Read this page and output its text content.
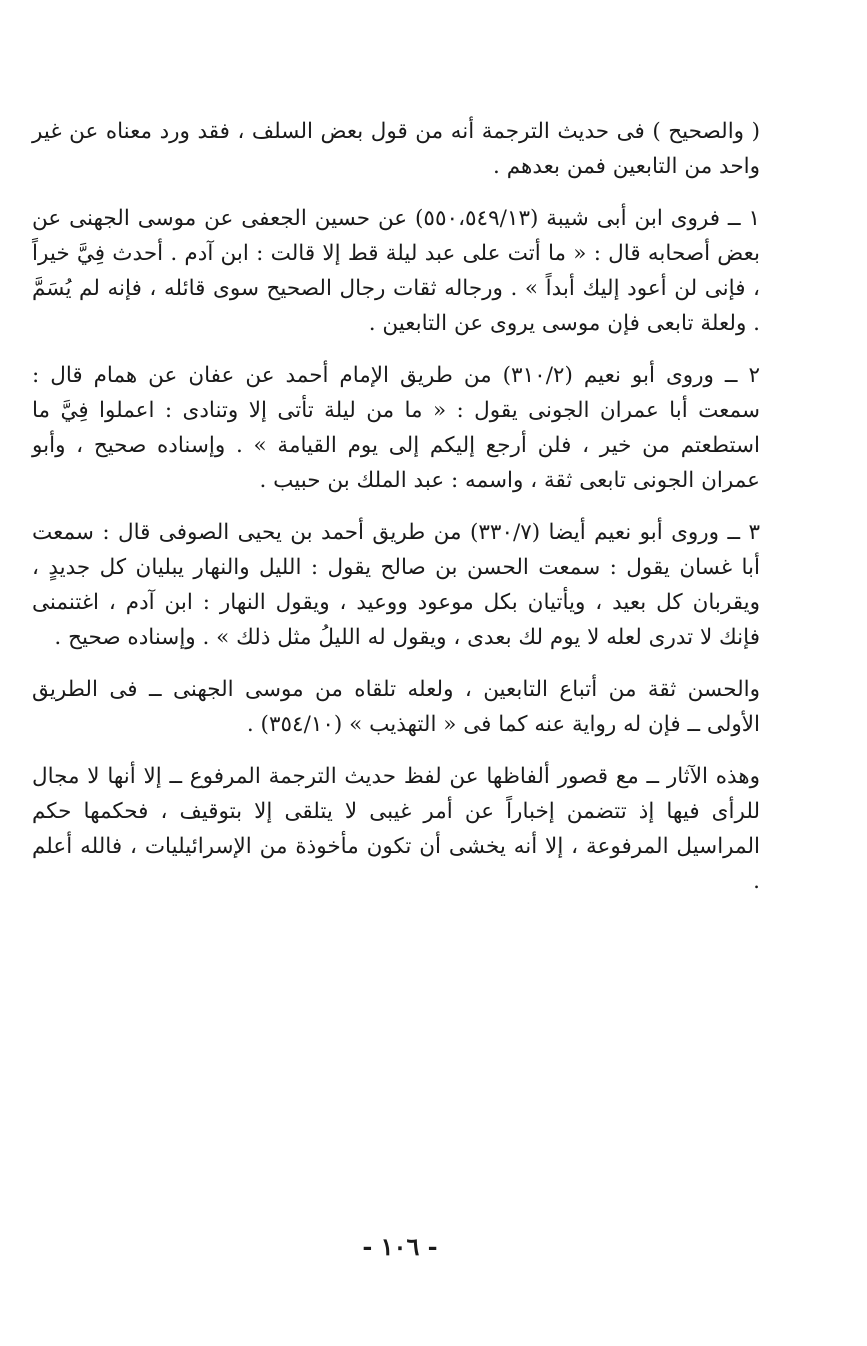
( والصحيح ) فى حديث الترجمة أنه من قول بعض السلف ، فقد ورد معناه عن غير واحد من التابعين فمن بعدهم .

١ ــ فروى ابن أبى شيبة (٥٥٠،٥٤٩/١٣) عن حسين الجعفى عن موسى الجهنى عن بعض أصحابه قال : « ما أتت على عبد ليلة قط إلا قالت : ابن آدم . أحدث فِيَّ خيراً ، فإنى لن أعود إليك أبداً » . ورجاله ثقات رجال الصحيح سوى قائله ، فإنه لم يُسَمَّ . ولعلة تابعى فإن موسى يروى عن التابعين .

٢ ــ وروى أبو نعيم (٣١٠/٢) من طريق الإمام أحمد عن عفان عن همام قال : سمعت أبا عمران الجونى يقول : « ما من ليلة تأتى إلا وتنادى : اعملوا فِيَّ ما استطعتم من خير ، فلن أرجع إليكم إلى يوم القيامة » . وإسناده صحيح ، وأبو عمران الجونى تابعى ثقة ، واسمه : عبد الملك بن حبيب .

٣ ــ وروى أبو نعيم أيضا (٣٣٠/٧) من طريق أحمد بن يحيى الصوفى قال : سمعت أبا غسان يقول : سمعت الحسن بن صالح يقول : الليل والنهار يبليان كل جديدٍ ، ويقربان كل بعيد ، ويأتيان بكل موعود ووعيد ، ويقول النهار : ابن آدم ، اغتنمنى فإنك لا تدرى لعله لا يوم لك بعدى ، ويقول له الليلُ مثل ذلك » . وإسناده صحيح .

والحسن ثقة من أتباع التابعين ، ولعله تلقاه من موسى الجهنى ــ فى الطريق الأولى ــ فإن له رواية عنه كما فى « التهذيب » (٣٥٤/١٠) .

وهذه الآثار ــ مع قصور ألفاظها عن لفظ حديث الترجمة المرفوع ــ إلا أنها لا مجال للرأى فيها إذ تتضمن إخباراً عن أمر غيبى لا يتلقى إلا بتوقيف ، فحكمها حكم المراسيل المرفوعة ، إلا أنه يخشى أن تكون مأخوذة من الإسرائيليات ، فالله أعلم .

- ١٠٦ -
